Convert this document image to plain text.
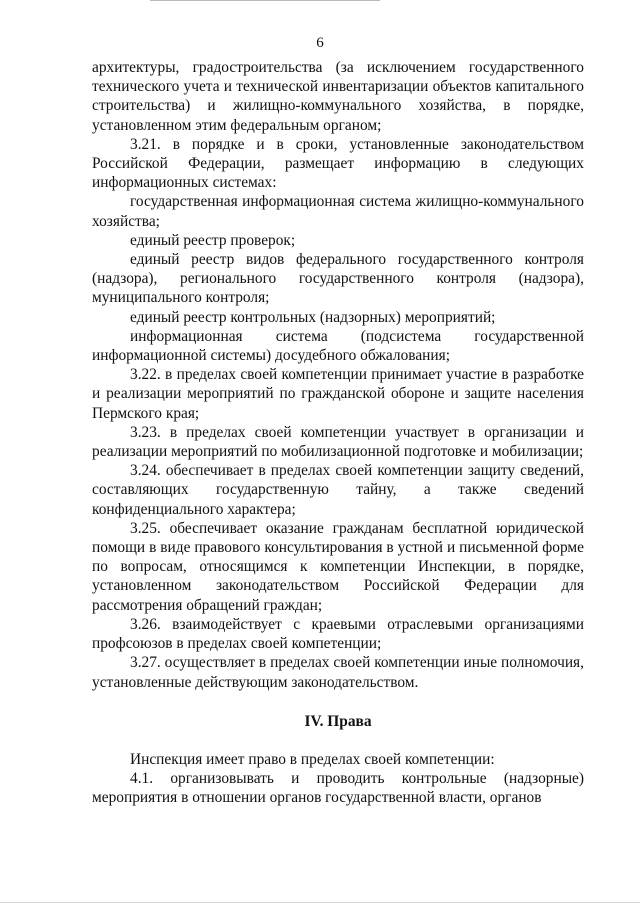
6

архитектуры, градостроительства (за исключением государственного технического учета и технической инвентаризации объектов капитального строительства) и жилищно-коммунального хозяйства, в порядке, установленном этим федеральным органом;

3.21. в порядке и в сроки, установленные законодательством Российской Федерации, размещает информацию в следующих информационных системах:

государственная информационная система жилищно-коммунального хозяйства;

единый реестр проверок;

единый реестр видов федерального государственного контроля (надзора), регионального государственного контроля (надзора), муниципального контроля;

единый реестр контрольных (надзорных) мероприятий;

информационная система (подсистема государственной информационной системы) досудебного обжалования;

3.22. в пределах своей компетенции принимает участие в разработке и реализации мероприятий по гражданской обороне и защите населения Пермского края;

3.23. в пределах своей компетенции участвует в организации и реализации мероприятий по мобилизационной подготовке и мобилизации;

3.24. обеспечивает в пределах своей компетенции защиту сведений, составляющих государственную тайну, а также сведений конфиденциального характера;

3.25. обеспечивает оказание гражданам бесплатной юридической помощи в виде правового консультирования в устной и письменной форме по вопросам, относящимся к компетенции Инспекции, в порядке, установленном законодательством Российской Федерации для рассмотрения обращений граждан;

3.26. взаимодействует с краевыми отраслевыми организациями профсоюзов в пределах своей компетенции;

3.27. осуществляет в пределах своей компетенции иные полномочия, установленные действующим законодательством.

IV. Права

Инспекция имеет право в пределах своей компетенции:

4.1. организовывать и проводить контрольные (надзорные) мероприятия в отношении органов государственной власти, органов
